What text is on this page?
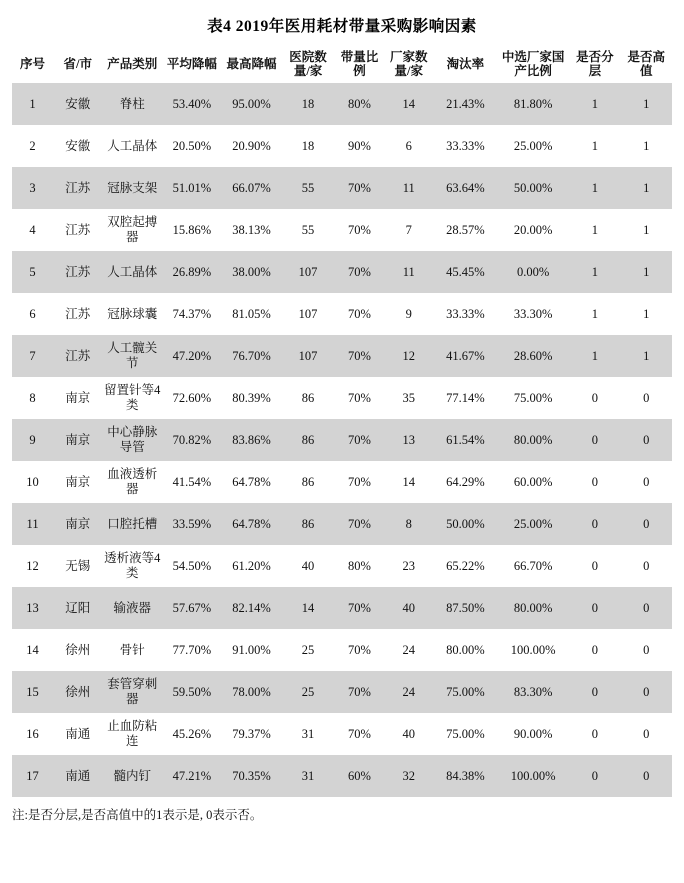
表4 2019年医用耗材带量采购影响因素
序号	省/市	产品类别	平均降幅	最高降幅	医院数量/家	带量比例	厂家数量/家	淘汰率	中选厂家国产比例	是否分层	是否高值
1	安徽	脊柱	53.40%	95.00%	18	80%	14	21.43%	81.80%	1	1
2	安徽	人工晶体	20.50%	20.90%	18	90%	6	33.33%	25.00%	1	1
3	江苏	冠脉支架	51.01%	66.07%	55	70%	11	63.64%	50.00%	1	1
4	江苏	双腔起搏器	15.86%	38.13%	55	70%	7	28.57%	20.00%	1	1
5	江苏	人工晶体	26.89%	38.00%	107	70%	11	45.45%	0.00%	1	1
6	江苏	冠脉球囊	74.37%	81.05%	107	70%	9	33.33%	33.30%	1	1
7	江苏	人工髋关节	47.20%	76.70%	107	70%	12	41.67%	28.60%	1	1
8	南京	留置针等4类	72.60%	80.39%	86	70%	35	77.14%	75.00%	0	0
9	南京	中心静脉导管	70.82%	83.86%	86	70%	13	61.54%	80.00%	0	0
10	南京	血液透析器	41.54%	64.78%	86	70%	14	64.29%	60.00%	0	0
11	南京	口腔托槽	33.59%	64.78%	86	70%	8	50.00%	25.00%	0	0
12	无锡	透析液等4类	54.50%	61.20%	40	80%	23	65.22%	66.70%	0	0
13	辽阳	输液器	57.67%	82.14%	14	70%	40	87.50%	80.00%	0	0
14	徐州	骨针	77.70%	91.00%	25	70%	24	80.00%	100.00%	0	0
15	徐州	套管穿刺器	59.50%	78.00%	25	70%	24	75.00%	83.30%	0	0
16	南通	止血防粘连	45.26%	79.37%	31	70%	40	75.00%	90.00%	0	0
17	南通	髓内钉	47.21%	70.35%	31	60%	32	84.38%	100.00%	0	0
注:是否分层,是否高值中的1表示是, 0表示否。
